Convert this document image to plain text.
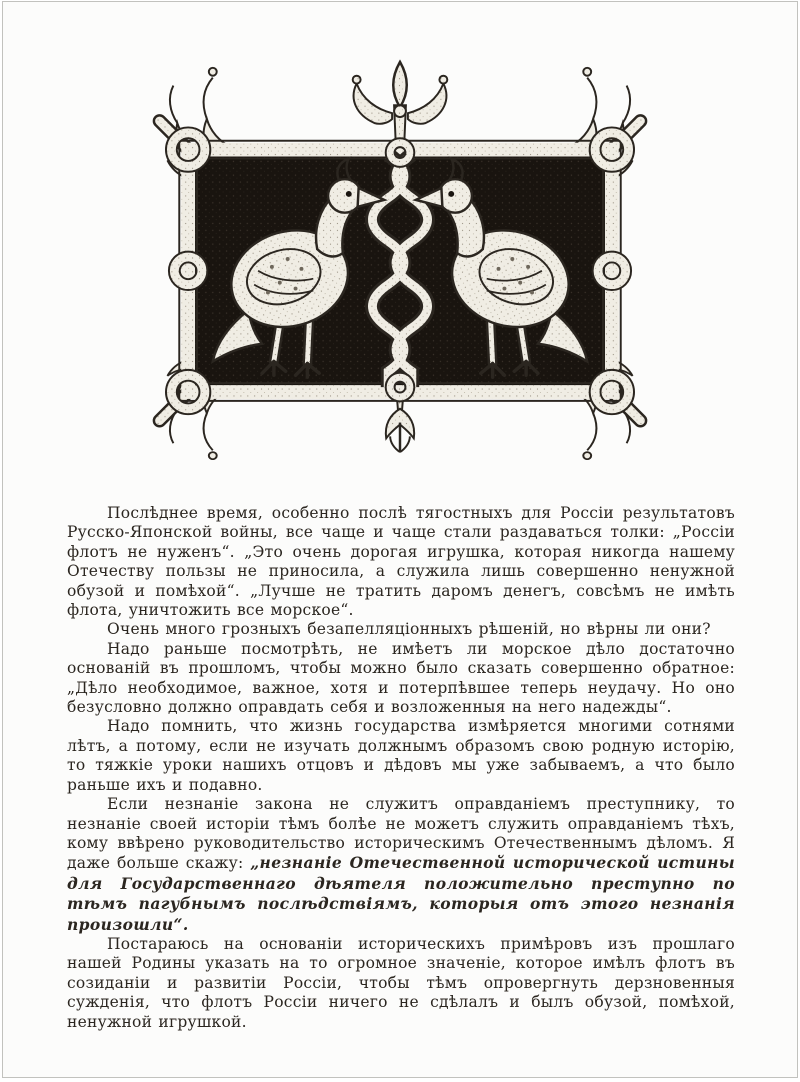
Послѣднее время, особенно послѣ тягостныхъ для Россіи результатовъ Русско-Японской войны, все чаще и чаще стали раздаваться толки: „Россіи флотъ не нуженъ“. „Это очень дорогая игрушка, которая никогда нашему Отечеству пользы не приносила, а служила лишь совершенно ненужной обузой и помѣхой“. „Лучше не тратить даромъ денегъ, совсѣмъ не имѣть флота, уничтожить все морское“.

Очень много грозныхъ безапелляціонныхъ рѣшеній, но вѣрны ли они?

Надо раньше посмотрѣть, не имѣетъ ли морское дѣло достаточно основаній въ прошломъ, чтобы можно было сказать совершенно обратное: „Дѣло необходимое, важное, хотя и потерпѣвшее теперь неудачу. Но оно безусловно должно оправдать себя и возложенныя на него надежды“.

Надо помнить, что жизнь государства измѣряется многими сотнями лѣтъ, а потому, если не изучать должнымъ образомъ свою родную исторію, то тяжкіе уроки нашихъ отцовъ и дѣдовъ мы уже забываемъ, а что было раньше ихъ и подавно.

Если незнаніе закона не служитъ оправданіемъ преступнику, то незнаніе своей исторіи тѣмъ болѣе не можетъ служить оправданіемъ тѣхъ, кому ввѣрено руководительство историческимъ Отечественнымъ дѣломъ. Я даже больше скажу: „незнаніе Отечественной исторической истины для Государственнаго дѣятеля положительно преступно по тѣмъ пагубнымъ послѣдствіямъ, которыя отъ этого незнанія произошли“.

Постараюсь на основаніи историческихъ примѣровъ изъ прошлаго нашей Родины указать на то огромное значеніе, которое имѣлъ флотъ въ созиданіи и развитіи Россіи, чтобы тѣмъ опровергнуть дерзновенныя сужденія, что флотъ Россіи ничего не сдѣлалъ и былъ обузой, помѣхой, ненужной игрушкой.
